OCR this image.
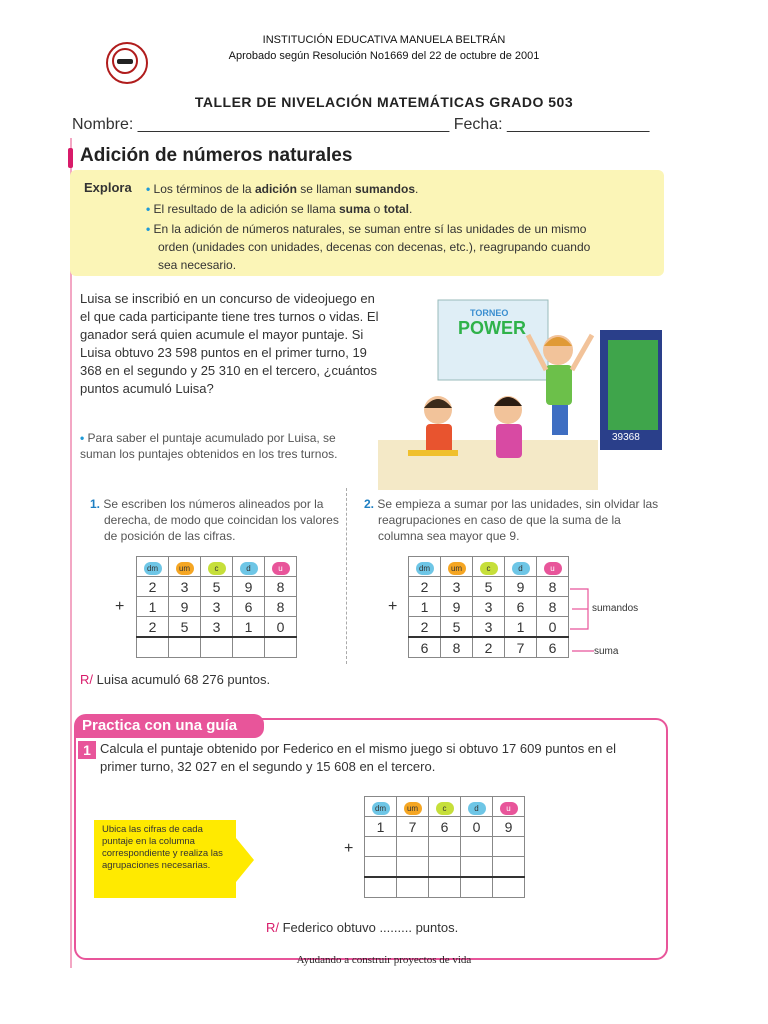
INSTITUCIÓN EDUCATIVA MANUELA BELTRÁN
Aprobado según Resolución No1669 del 22 de octubre de 2001
TALLER DE NIVELACIÓN MATEMÁTICAS GRADO 503
Nombre: ___________________________________ Fecha: ________________
Adición de números naturales
Explora • Los términos de la adición se llaman sumandos.
• El resultado de la adición se llama suma o total.
• En la adición de números naturales, se suman entre sí las unidades de un mismo orden (unidades con unidades, decenas con decenas, etc.), reagrupando cuando sea necesario.
Luisa se inscribió en un concurso de videojuego en el que cada participante tiene tres turnos o vidas. El ganador será quien acumule el mayor puntaje. Si Luisa obtuvo 23 598 puntos en el primer turno, 19 368 en el segundo y 25 310 en el tercero, ¿cuántos puntos acumuló Luisa?
TORNEO
POWER
39368
• Para saber el puntaje acumulado por Luisa, se suman los puntajes obtenidos en los tres turnos.
1. Se escriben los números alineados por la derecha, de modo que coincidan los valores de posición de las cifras.
2. Se empieza a sumar por las unidades, sin olvidar las reagrupaciones en caso de que la suma de la columna sea mayor que 9.
dm	um	c	d	u
2	3	5	9	8
1	9	3	6	8
2	5	3	1	0

+
dm	um	c	d	u
2	3	5	9	8
1	9	3	6	8
2	5	3	1	0
6	8	2	7	6
+	sumandos
suma
R/ Luisa acumuló 68 276 puntos.
Practica con una guía
1 Calcula el puntaje obtenido por Federico en el mismo juego si obtuvo 17 609 puntos en el primer turno, 32 027 en el segundo y 15 608 en el tercero.
Ubica las cifras de cada puntaje en la columna correspondiente y realiza las agrupaciones necesarias.
dm	um	c	d	u
1	7	6	0	9

+
R/ Federico obtuvo ......... puntos.
Ayudando a construir proyectos de vida
